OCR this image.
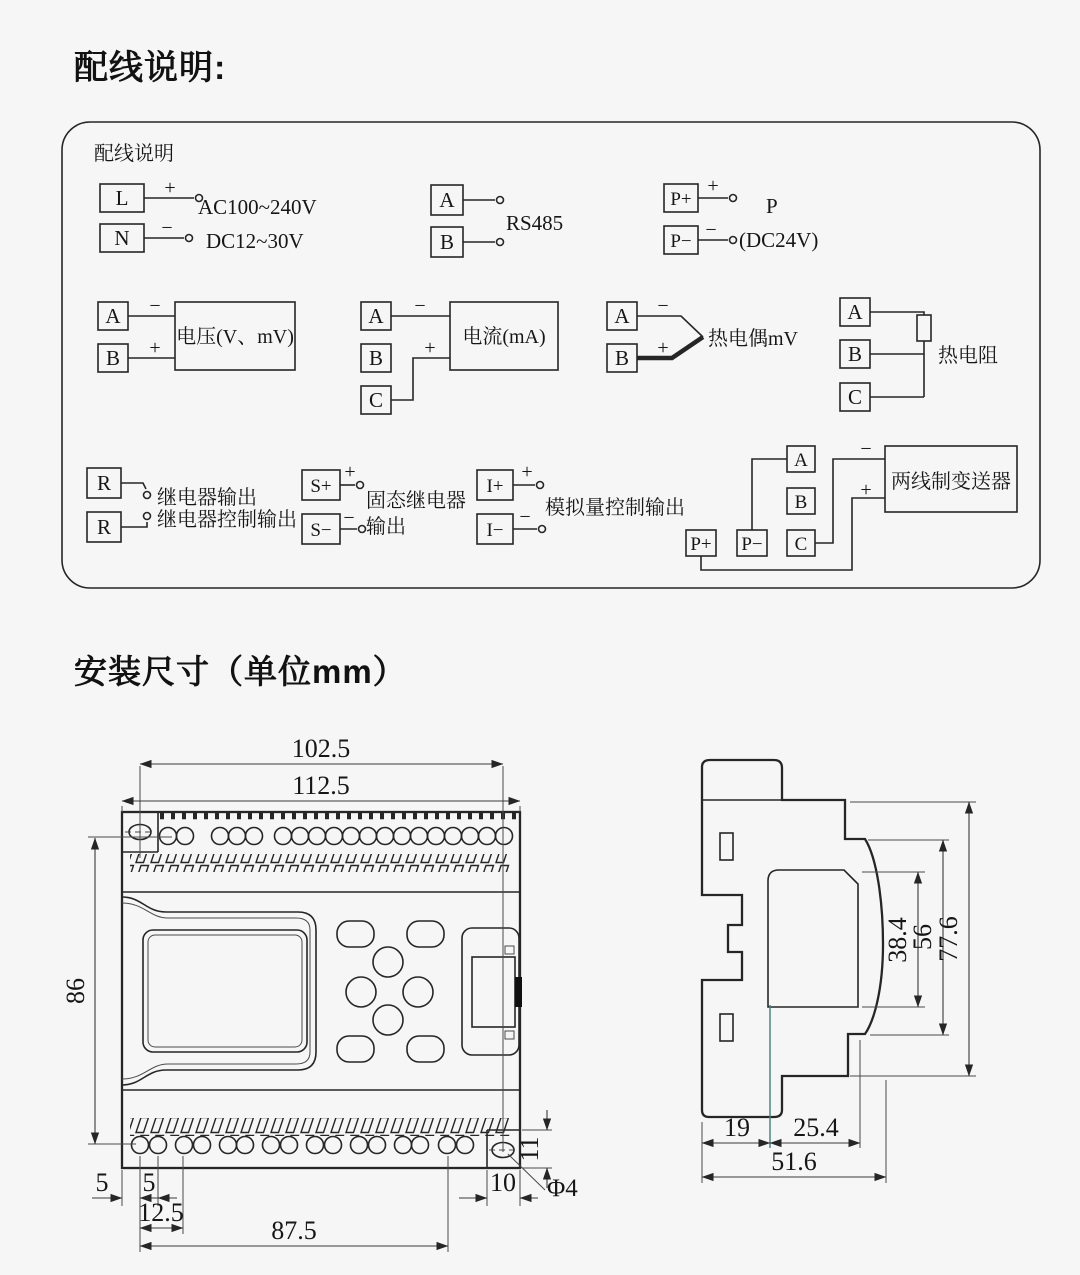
配线说明:
安装尺寸（单位mm）
配线说明
L
N
+
−
AC100~240V
DC12~30V
A
B
RS485
P+
P−
+
−
P
(DC24V)
A
B
−
+ 电压(V、mV)
A
B
C
−
+ 电流(mA)
A
B
−
+ 热电偶mV
A
B
C
热电阻
R
R
继电器输出
继电器控制输出
S+
S−
+
−
固态继电器
输出
I+
I−
+
− 模拟量控制输出
A
B
C
P+ P−
−
+ 两线制变送器
102.5
112.5
86
5 5
12.5
87.5
10
11
Φ4
38.4
56
77.6
19 25.4
51.6
